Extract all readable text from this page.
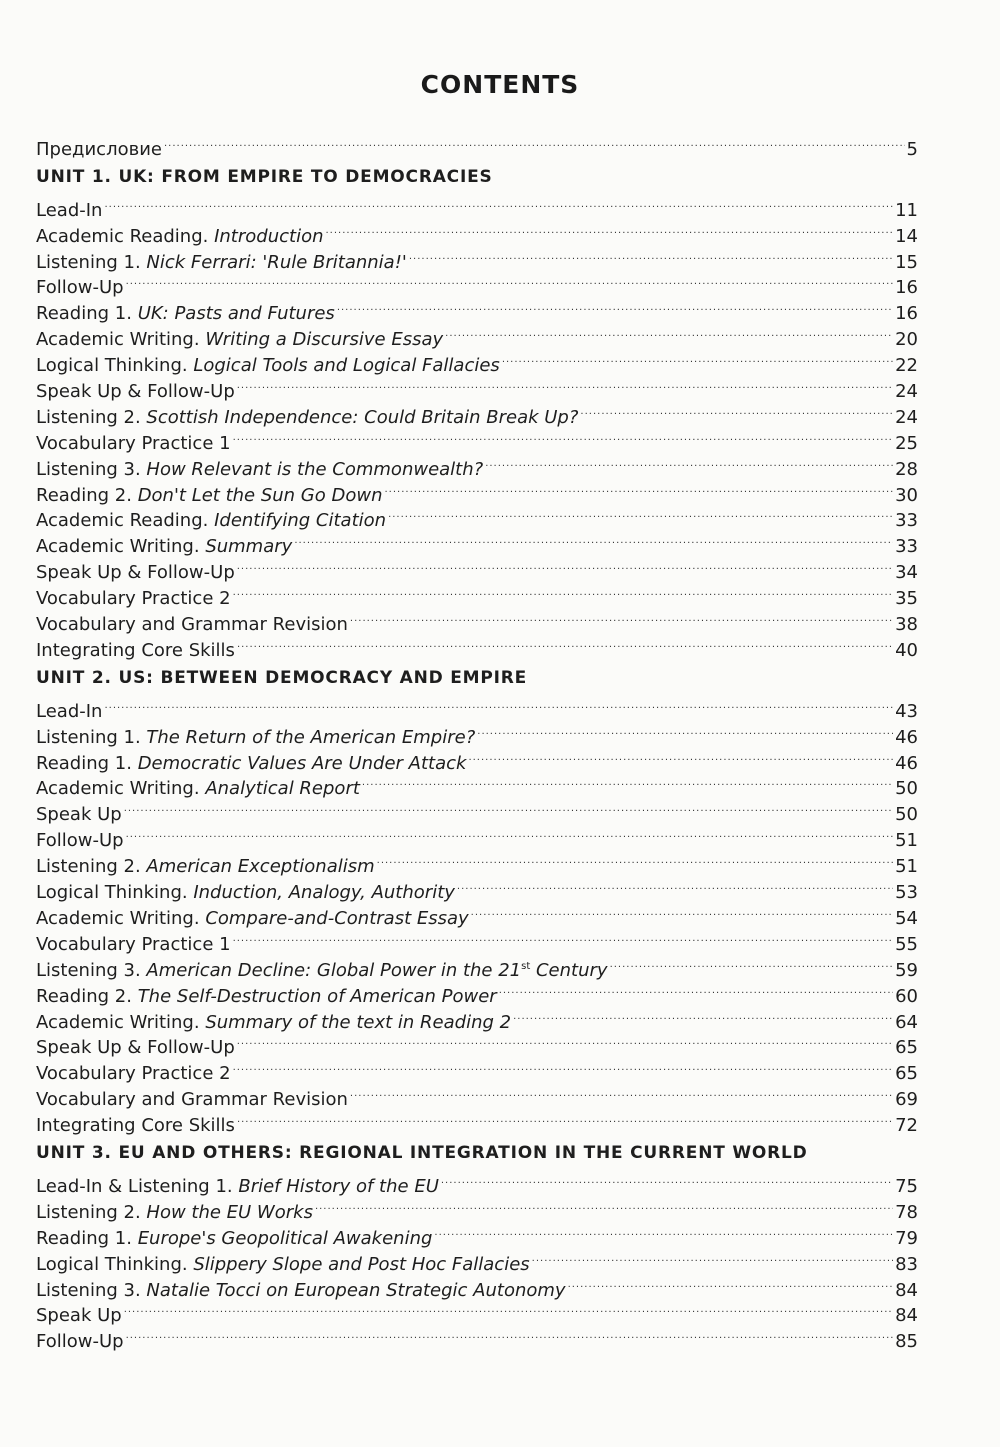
CONTENTS
Предисловие .....	5
UNIT 1. UK: FROM EMPIRE TO DEMOCRACIES
Lead-In .....	11
Academic Reading. Introduction .....	14
Listening 1. Nick Ferrari: 'Rule Britannia!' .....	15
Follow-Up .....	16
Reading 1. UK: Pasts and Futures .....	16
Academic Writing. Writing a Discursive Essay .....	20
Logical Thinking. Logical Tools and Logical Fallacies .....	22
Speak Up & Follow-Up .....	24
Listening 2. Scottish Independence: Could Britain Break Up? .....	24
Vocabulary Practice 1 .....	25
Listening 3. How Relevant is the Commonwealth? .....	28
Reading 2. Don't Let the Sun Go Down .....	30
Academic Reading. Identifying Citation .....	33
Academic Writing. Summary .....	33
Speak Up & Follow-Up .....	34
Vocabulary Practice 2 .....	35
Vocabulary and Grammar Revision .....	38
Integrating Core Skills .....	40
UNIT 2. US: BETWEEN DEMOCRACY AND EMPIRE
Lead-In .....	43
Listening 1. The Return of the American Empire? .....	46
Reading 1. Democratic Values Are Under Attack .....	46
Academic Writing. Analytical Report .....	50
Speak Up .....	50
Follow-Up .....	51
Listening 2. American Exceptionalism .....	51
Logical Thinking. Induction, Analogy, Authority .....	53
Academic Writing. Compare-and-Contrast Essay .....	54
Vocabulary Practice 1 .....	55
Listening 3. American Decline: Global Power in the 21st Century .....	59
Reading 2. The Self-Destruction of American Power .....	60
Academic Writing. Summary of the text in Reading 2 .....	64
Speak Up & Follow-Up .....	65
Vocabulary Practice 2 .....	65
Vocabulary and Grammar Revision .....	69
Integrating Core Skills .....	72
UNIT 3. EU AND OTHERS: REGIONAL INTEGRATION IN THE CURRENT WORLD
Lead-In & Listening 1. Brief History of the EU .....	75
Listening 2. How the EU Works .....	78
Reading 1. Europe's Geopolitical Awakening .....	79
Logical Thinking. Slippery Slope and Post Hoc Fallacies .....	83
Listening 3. Natalie Tocci on European Strategic Autonomy .....	84
Speak Up .....	84
Follow-Up .....	85
